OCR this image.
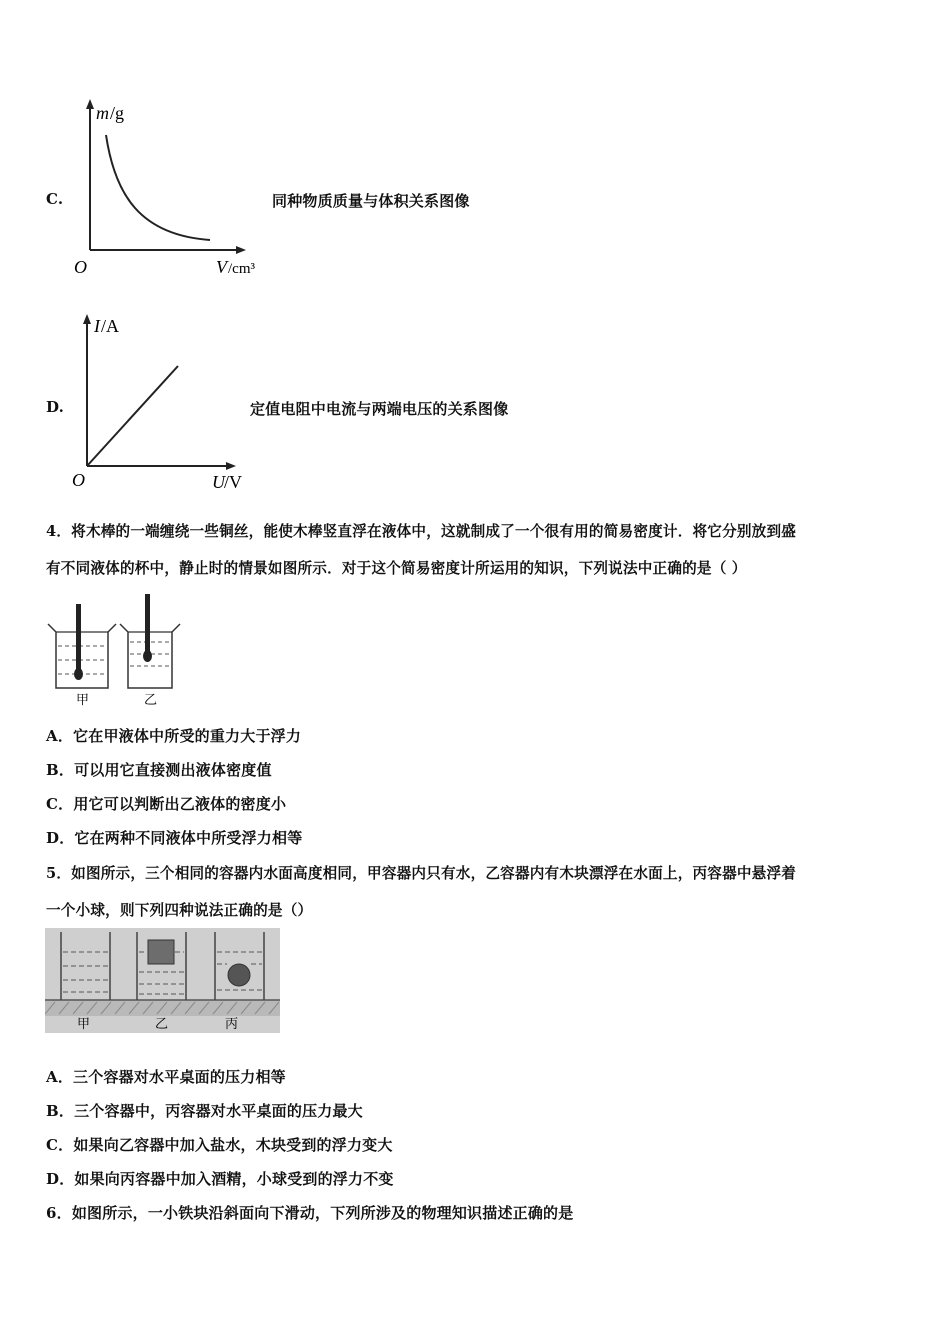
C.
m /g
O	V /cm³
同种物质质量与体积关系图像
D.
I /A
O	U /V
定值电阻中电流与两端电压的关系图像
4．将木棒的一端缠绕一些铜丝，能使木棒竖直浮在液体中，这就制成了一个很有用的简易密度计．将它分别放到盛
有不同液体的杯中，静止时的情景如图所示．对于这个简易密度计所运用的知识，下列说法中正确的是（ ）
甲	乙
A．它在甲液体中所受的重力大于浮力
B．可以用它直接测出液体密度值
C．用它可以判断出乙液体的密度小
D．它在两种不同液体中所受浮力相等
5．如图所示，三个相同的容器内水面高度相同，甲容器内只有水，乙容器内有木块漂浮在水面上，丙容器中悬浮着
一个小球，则下列四种说法正确的是（）
甲	乙	丙
A．三个容器对水平桌面的压力相等
B．三个容器中，丙容器对水平桌面的压力最大
C．如果向乙容器中加入盐水，木块受到的浮力变大
D．如果向丙容器中加入酒精，小球受到的浮力不变
6．如图所示，一小铁块沿斜面向下滑动，下列所涉及的物理知识描述正确的是
